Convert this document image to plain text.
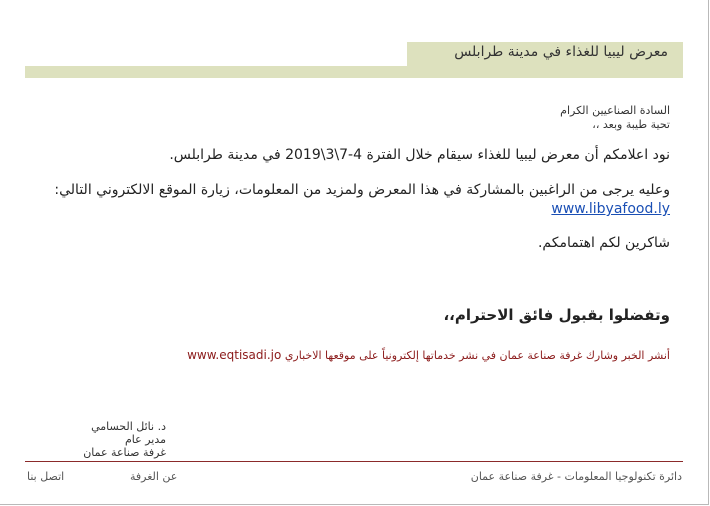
معرض ليبيا للغذاء في مدينة طرابلس
السادة الصناعيين الكرام
تحية طيبة وبعد ،،
نود اعلامكم أن معرض ليبيا للغذاء سيقام خلال الفترة 4-7\3\2019 في مدينة طرابلس.
وعليه يرجى من الراغبين بالمشاركة في هذا المعرض ولمزيد من المعلومات، زيارة الموقع الالكتروني التالي: www.libyafood.ly
شاكرين لكم اهتمامكم.
وتفضلوا بقبول فائق الاحترام،،
أنشر الخبر وشارك غرفة صناعة عمان في نشر خدماتها إلكترونياً على موقعها الاخباري www.eqtisadi.jo
د. نائل الحسامي
مدير عام
غرفة صناعة عمان
دائرة تكنولوجيا المعلومات - غرفة صناعة عمان
عن الغرفة
اتصل بنا
